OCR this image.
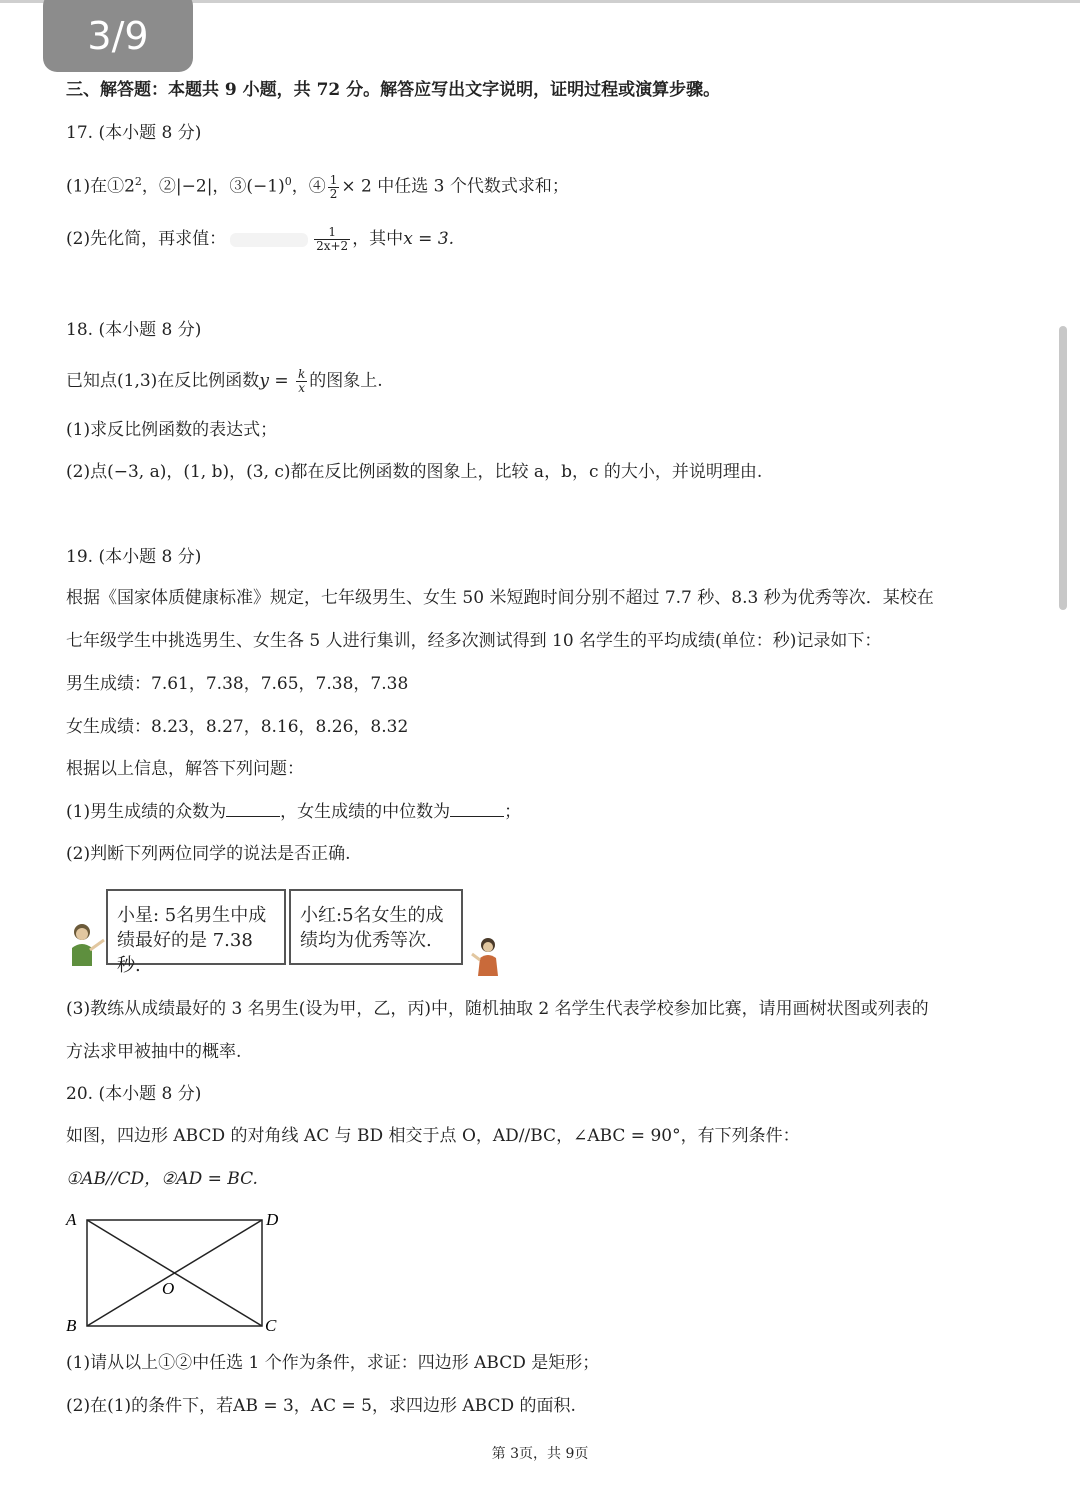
3/9
三、解答题：本题共 9 小题，共 72 分。解答应写出文字说明，证明过程或演算步骤。
17. (本小题 8 分)
(1)在$①2^2$，②|−2|，$③(-1)^0$，④ $\frac{1}{2} \times 2$ 中任选 3 个代数式求和；
(2)先化简，再求值：	$\frac{1}{2x+2}$ ，其中x = 3.
18. (本小题 8 分)
已知点(1,3)在反比例函数$y = \frac{k}{x}$ 的图象上.
(1)求反比例函数的表达式；
(2)点(−3, a)，(1, b)，(3, c)都在反比例函数的图象上，比较 a，b，c 的大小，并说明理由.
19. (本小题 8 分)
根据《国家体质健康标准》规定，七年级男生、女生 50 米短跑时间分别不超过 7.7 秒、8.3 秒为优秀等次．某校在
七年级学生中挑选男生、女生各 5 人进行集训，经多次测试得到 10 名学生的平均成绩(单位：秒)记录如下：
男生成绩：7.61，7.38，7.65，7.38，7.38
女生成绩：8.23，8.27，8.16，8.26，8.32
根据以上信息，解答下列问题：
(1)男生成绩的众数为	，女生成绩的中位数为	；
(2)判断下列两位同学的说法是否正确.
小星: 5名男生中成
绩最好的是 7.38 秒.
小红:5名女生的成
绩均为优秀等次.
(3)教练从成绩最好的 3 名男生(设为甲，乙，丙)中，随机抽取 2 名学生代表学校参加比赛，请用画树状图或列表的
方法求甲被抽中的概率.
20. (本小题 8 分)
如图，四边形 ABCD 的对角线 AC 与 BD 相交于点 O，AD//BC，∠ABC = 90°，有下列条件：
①AB//CD，②AD = BC.
A	D
B	C
O
(1)请从以上①②中任选 1 个作为条件，求证：四边形 ABCD 是矩形；
(2)在(1)的条件下，若AB = 3，AC = 5，求四边形 ABCD 的面积.
第 3页，共 9页
